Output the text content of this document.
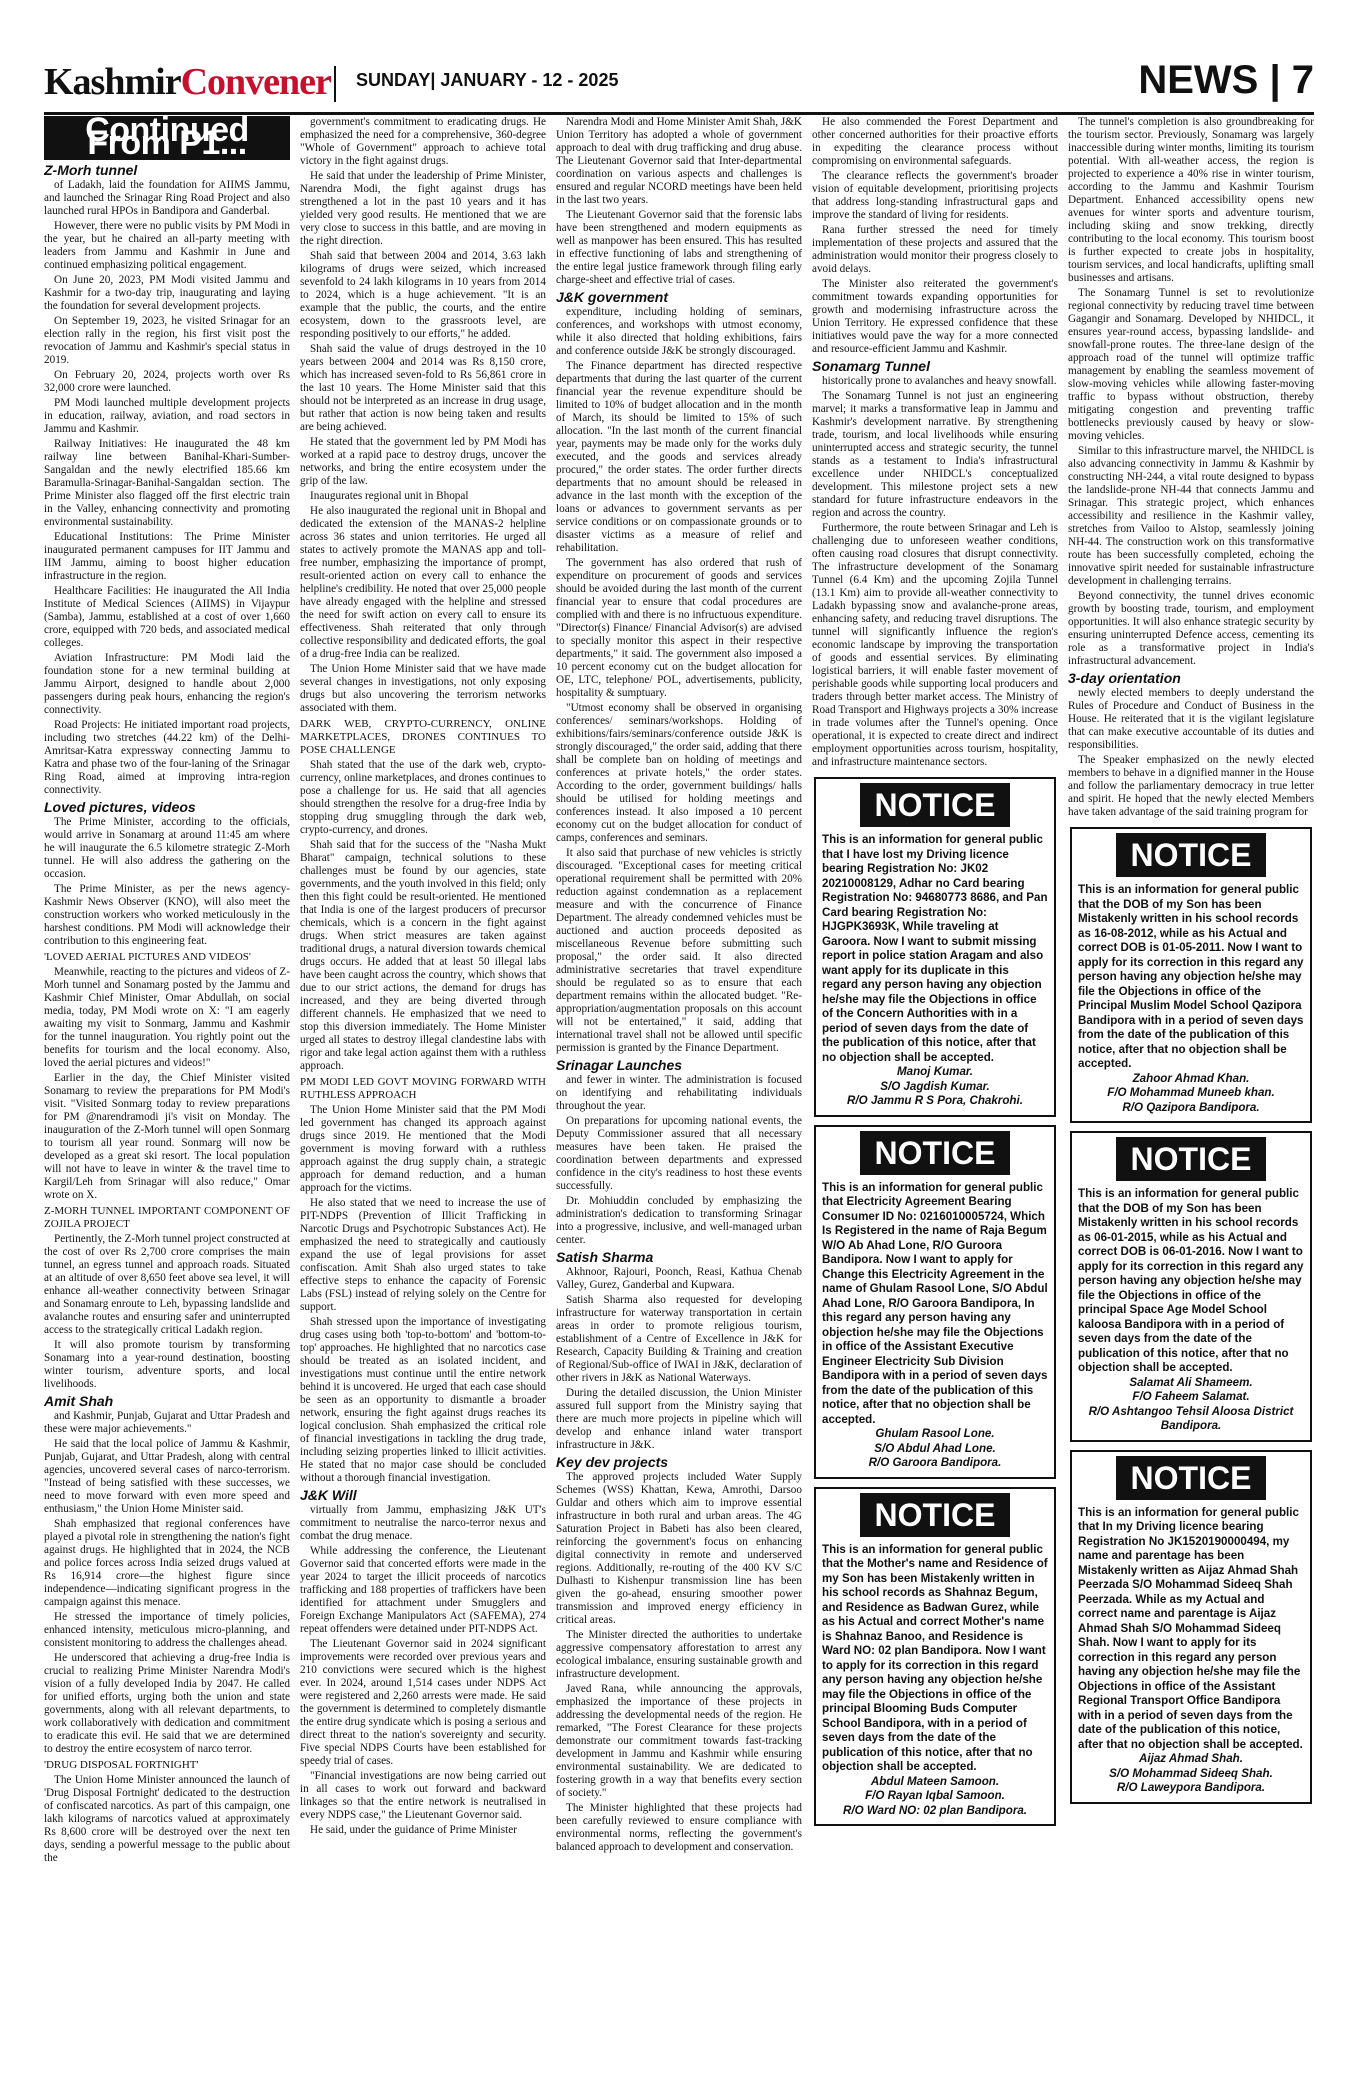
KashmirConvener SUNDAY| JANUARY - 12 - 2025	NEWS | 7
Continued From P1...
Z-Morh tunnel

of Ladakh, laid the foundation for AIIMS Jammu, and launched the Srinagar Ring Road Project and also launched rural HPOs in Bandipora and Ganderbal.

However, there were no public visits by PM Modi in the year, but he chaired an all-party meeting with leaders from Jammu and Kashmir in June and continued emphasizing political engagement.

On June 20, 2023, PM Modi visited Jammu and Kashmir for a two-day trip, inaugurating and laying the foundation for several development projects.

On September 19, 2023, he visited Srinagar for an election rally in the region, his first visit post the revocation of Jammu and Kashmir's special status in 2019.

On February 20, 2024, projects worth over Rs 32,000 crore were launched.

PM Modi launched multiple development projects in education, railway, aviation, and road sectors in Jammu and Kashmir.

Railway Initiatives: He inaugurated the 48 km railway line between Banihal-Khari-Sumber-Sangaldan and the newly electrified 185.66 km Baramulla-Srinagar-Banihal-Sangaldan section. The Prime Minister also flagged off the first electric train in the Valley, enhancing connectivity and promoting environmental sustainability.

Educational Institutions: The Prime Minister inaugurated permanent campuses for IIT Jammu and IIM Jammu, aiming to boost higher education infrastructure in the region.

Healthcare Facilities: He inaugurated the All India Institute of Medical Sciences (AIIMS) in Vijaypur (Samba), Jammu, established at a cost of over 1,660 crore, equipped with 720 beds, and associated medical colleges.

Aviation Infrastructure: PM Modi laid the foundation stone for a new terminal building at Jammu Airport, designed to handle about 2,000 passengers during peak hours, enhancing the region's connectivity.

Road Projects: He initiated important road projects, including two stretches (44.22 km) of the Delhi-Amritsar-Katra expressway connecting Jammu to Katra and phase two of the four-laning of the Srinagar Ring Road, aimed at improving intra-region connectivity.

Loved pictures, videos

The Prime Minister, according to the officials, would arrive in Sonamarg at around 11:45 am where he will inaugurate the 6.5 kilometre strategic Z-Morh tunnel. He will also address the gathering on the occasion.

The Prime Minister, as per the news agency-Kashmir News Observer (KNO), will also meet the construction workers who worked meticulously in the harshest conditions. PM Modi will acknowledge their contribution to this engineering feat.

'LOVED AERIAL PICTURES AND VIDEOS'

Meanwhile, reacting to the pictures and videos of Z-Morh tunnel and Sonamarg posted by the Jammu and Kashmir Chief Minister, Omar Abdullah, on social media, today, PM Modi wrote on X: "I am eagerly awaiting my visit to Sonmarg, Jammu and Kashmir for the tunnel inauguration. You rightly point out the benefits for tourism and the local economy. Also, loved the aerial pictures and videos!"

Earlier in the day, the Chief Minister visited Sonamarg to review the preparations for PM Modi's visit. "Visited Sonmarg today to review preparations for PM @narendramodi ji's visit on Monday. The inauguration of the Z-Morh tunnel will open Sonmarg to tourism all year round. Sonmarg will now be developed as a great ski resort. The local population will not have to leave in winter & the travel time to Kargil/Leh from Srinagar will also reduce," Omar wrote on X.

Z-MORH TUNNEL IMPORTANT COMPONENT OF ZOJILA PROJECT

Pertinently, the Z-Morh tunnel project constructed at the cost of over Rs 2,700 crore comprises the main tunnel, an egress tunnel and approach roads. Situated at an altitude of over 8,650 feet above sea level, it will enhance all-weather connectivity between Srinagar and Sonamarg enroute to Leh, bypassing landslide and avalanche routes and ensuring safer and uninterrupted access to the strategically critical Ladakh region.

It will also promote tourism by transforming Sonamarg into a year-round destination, boosting winter tourism, adventure sports, and local livelihoods.

Amit Shah

and Kashmir, Punjab, Gujarat and Uttar Pradesh and these were major achievements."

He said that the local police of Jammu & Kashmir, Punjab, Gujarat, and Uttar Pradesh, along with central agencies, uncovered several cases of narco-terrorism. "Instead of being satisfied with these successes, we need to move forward with even more speed and enthusiasm," the Union Home Minister said.

Shah emphasized that regional conferences have played a pivotal role in strengthening the nation's fight against drugs. He highlighted that in 2024, the NCB and police forces across India seized drugs valued at Rs 16,914 crore—the highest figure since independence—indicating significant progress in the campaign against this menace.

He stressed the importance of timely policies, enhanced intensity, meticulous micro-planning, and consistent monitoring to address the challenges ahead.

He underscored that achieving a drug-free India is crucial to realizing Prime Minister Narendra Modi's vision of a fully developed India by 2047. He called for unified efforts, urging both the union and state governments, along with all relevant departments, to work collaboratively with dedication and commitment to eradicate this evil. He said that we are determined to destroy the entire ecosystem of narco terror.

'DRUG DISPOSAL FORTNIGHT'

The Union Home Minister announced the launch of 'Drug Disposal Fortnight' dedicated to the destruction of confiscated narcotics. As part of this campaign, one lakh kilograms of narcotics valued at approximately Rs 8,600 crore will be destroyed over the next ten days, sending a powerful message to the public about the

government's commitment to eradicating drugs. He emphasized the need for a comprehensive, 360-degree "Whole of Government" approach to achieve total victory in the fight against drugs.

He said that under the leadership of Prime Minister, Narendra Modi, the fight against drugs has strengthened a lot in the past 10 years and it has yielded very good results. He mentioned that we are very close to success in this battle, and are moving in the right direction.

Shah said that between 2004 and 2014, 3.63 lakh kilograms of drugs were seized, which increased sevenfold to 24 lakh kilograms in 10 years from 2014 to 2024, which is a huge achievement. "It is an example that the public, the courts, and the entire ecosystem, down to the grassroots level, are responding positively to our efforts," he added.

Shah said the value of drugs destroyed in the 10 years between 2004 and 2014 was Rs 8,150 crore, which has increased seven-fold to Rs 56,861 crore in the last 10 years. The Home Minister said that this should not be interpreted as an increase in drug usage, but rather that action is now being taken and results are being achieved.

He stated that the government led by PM Modi has worked at a rapid pace to destroy drugs, uncover the networks, and bring the entire ecosystem under the grip of the law.

Inaugurates regional unit in Bhopal

He also inaugurated the regional unit in Bhopal and dedicated the extension of the MANAS-2 helpline across 36 states and union territories. He urged all states to actively promote the MANAS app and toll-free number, emphasizing the importance of prompt, result-oriented action on every call to enhance the helpline's credibility. He noted that over 25,000 people have already engaged with the helpline and stressed the need for swift action on every call to ensure its effectiveness. Shah reiterated that only through collective responsibility and dedicated efforts, the goal of a drug-free India can be realized.

The Union Home Minister said that we have made several changes in investigations, not only exposing drugs but also uncovering the terrorism networks associated with them.

DARK WEB, CRYPTO-CURRENCY, ONLINE MARKETPLACES, DRONES CONTINUES TO POSE CHALLENGE

Shah stated that the use of the dark web, crypto-currency, online marketplaces, and drones continues to pose a challenge for us. He said that all agencies should strengthen the resolve for a drug-free India by stopping drug smuggling through the dark web, crypto-currency, and drones.

Shah said that for the success of the "Nasha Mukt Bharat" campaign, technical solutions to these challenges must be found by our agencies, state governments, and the youth involved in this field; only then this fight could be result-oriented. He mentioned that India is one of the largest producers of precursor chemicals, which is a concern in the fight against drugs. When strict measures are taken against traditional drugs, a natural diversion towards chemical drugs occurs. He added that at least 50 illegal labs have been caught across the country, which shows that due to our strict actions, the demand for drugs has increased, and they are being diverted through different channels. He emphasized that we need to stop this diversion immediately. The Home Minister urged all states to destroy illegal clandestine labs with rigor and take legal action against them with a ruthless approach.

PM MODI LED GOVT MOVING FORWARD WITH RUTHLESS APPROACH

The Union Home Minister said that the PM Modi led government has changed its approach against drugs since 2019. He mentioned that the Modi government is moving forward with a ruthless approach against the drug supply chain, a strategic approach for demand reduction, and a human approach for the victims.

He also stated that we need to increase the use of PIT-NDPS (Prevention of Illicit Trafficking in Narcotic Drugs and Psychotropic Substances Act). He emphasized the need to strategically and cautiously expand the use of legal provisions for asset confiscation. Amit Shah also urged states to take effective steps to enhance the capacity of Forensic Labs (FSL) instead of relying solely on the Centre for support.

Shah stressed upon the importance of investigating drug cases using both 'top-to-bottom' and 'bottom-to-top' approaches. He highlighted that no narcotics case should be treated as an isolated incident, and investigations must continue until the entire network behind it is uncovered. He urged that each case should be seen as an opportunity to dismantle a broader network, ensuring the fight against drugs reaches its logical conclusion. Shah emphasized the critical role of financial investigations in tackling the drug trade, including seizing properties linked to illicit activities. He stated that no major case should be concluded without a thorough financial investigation.

J&K Will

virtually from Jammu, emphasizing J&K UT's commitment to neutralise the narco-terror nexus and combat the drug menace.

While addressing the conference, the Lieutenant Governor said that concerted efforts were made in the year 2024 to target the illicit proceeds of narcotics trafficking and 188 properties of traffickers have been identified for attachment under Smugglers and Foreign Exchange Manipulators Act (SAFEMA), 274 repeat offenders were detained under PIT-NDPS Act.

The Lieutenant Governor said in 2024 significant improvements were recorded over previous years and 210 convictions were secured which is the highest ever. In 2024, around 1,514 cases under NDPS Act were registered and 2,260 arrests were made. He said the government is determined to completely dismantle the entire drug syndicate which is posing a serious and direct threat to the nation's sovereignty and security. Five special NDPS Courts have been established for speedy trial of cases.

"Financial investigations are now being carried out in all cases to work out forward and backward linkages so that the entire network is neutralised in every NDPS case," the Lieutenant Governor said.

He said, under the guidance of Prime Minister

Narendra Modi and Home Minister Amit Shah, J&K Union Territory has adopted a whole of government approach to deal with drug trafficking and drug abuse. The Lieutenant Governor said that Inter-departmental coordination on various aspects and challenges is ensured and regular NCORD meetings have been held in the last two years.

The Lieutenant Governor said that the forensic labs have been strengthened and modern equipments as well as manpower has been ensured. This has resulted in effective functioning of labs and strengthening of the entire legal justice framework through filing early charge-sheet and effective trial of cases.

J&K government

expenditure, including holding of seminars, conferences, and workshops with utmost economy, while it also directed that holding exhibitions, fairs and conference outside J&K be strongly discouraged.

The Finance department has directed respective departments that during the last quarter of the current financial year the revenue expenditure should be limited to 10% of budget allocation and in the month of March, its should be limited to 15% of such allocation. "In the last month of the current financial year, payments may be made only for the works duly executed, and the goods and services already procured," the order states. The order further directs departments that no amount should be released in advance in the last month with the exception of the loans or advances to government servants as per service conditions or on compassionate grounds or to disaster victims as a measure of relief and rehabilitation.

The government has also ordered that rush of expenditure on procurement of goods and services should be avoided during the last month of the current financial year to ensure that codal procedures are complied with and there is no infructuous expenditure. "Director(s) Finance/ Financial Advisor(s) are advised to specially monitor this aspect in their respective departments," it said. The government also imposed a 10 percent economy cut on the budget allocation for OE, LTC, telephone/ POL, advertisements, publicity, hospitality & sumptuary.

"Utmost economy shall be observed in organising conferences/ seminars/workshops. Holding of exhibitions/fairs/seminars/conference outside J&K is strongly discouraged," the order said, adding that there shall be complete ban on holding of meetings and conferences at private hotels," the order states. According to the order, government buildings/ halls should be utilised for holding meetings and conferences instead. It also imposed a 10 percent economy cut on the budget allocation for conduct of camps, conferences and seminars.

It also said that purchase of new vehicles is strictly discouraged. "Exceptional cases for meeting critical operational requirement shall be permitted with 20% reduction against condemnation as a replacement measure and with the concurrence of Finance Department. The already condemned vehicles must be auctioned and auction proceeds deposited as miscellaneous Revenue before submitting such proposal," the order said. It also directed administrative secretaries that travel expenditure should be regulated so as to ensure that each department remains within the allocated budget. "Re-appropriation/augmentation proposals on this account will not be entertained," it said, adding that international travel shall not be allowed until specific permission is granted by the Finance Department.

Srinagar Launches

and fewer in winter. The administration is focused on identifying and rehabilitating individuals throughout the year.

On preparations for upcoming national events, the Deputy Commissioner assured that all necessary measures have been taken. He praised the coordination between departments and expressed confidence in the city's readiness to host these events successfully.

Dr. Mohiuddin concluded by emphasizing the administration's dedication to transforming Srinagar into a progressive, inclusive, and well-managed urban center.

Satish Sharma

Akhnoor, Rajouri, Poonch, Reasi, Kathua Chenab Valley, Gurez, Ganderbal and Kupwara.

Satish Sharma also requested for developing infrastructure for waterway transportation in certain areas in order to promote religious tourism, establishment of a Centre of Excellence in J&K for Research, Capacity Building & Training and creation of Regional/Sub-office of IWAI in J&K, declaration of other rivers in J&K as National Waterways.

During the detailed discussion, the Union Minister assured full support from the Ministry saying that there are much more projects in pipeline which will develop and enhance inland water transport infrastructure in J&K.

Key dev projects

The approved projects included Water Supply Schemes (WSS) Khattan, Kewa, Amrothi, Darsoo Guldar and others which aim to improve essential infrastructure in both rural and urban areas. The 4G Saturation Project in Babeti has also been cleared, reinforcing the government's focus on enhancing digital connectivity in remote and underserved regions. Additionally, re-routing of the 400 KV S/C Dulhasti to Kishenpur transmission line has been given the go-ahead, ensuring smoother power transmission and improved energy efficiency in critical areas.

The Minister directed the authorities to undertake aggressive compensatory afforestation to arrest any ecological imbalance, ensuring sustainable growth and infrastructure development.

Javed Rana, while announcing the approvals, emphasized the importance of these projects in addressing the developmental needs of the region. He remarked, "The Forest Clearance for these projects demonstrate our commitment towards fast-tracking development in Jammu and Kashmir while ensuring environmental sustainability. We are dedicated to fostering growth in a way that benefits every section of society."

The Minister highlighted that these projects had been carefully reviewed to ensure compliance with environmental norms, reflecting the government's balanced approach to development and conservation.

He also commended the Forest Department and other concerned authorities for their proactive efforts in expediting the clearance process without compromising on environmental safeguards.

The clearance reflects the government's broader vision of equitable development, prioritising projects that address long-standing infrastructural gaps and improve the standard of living for residents.

Rana further stressed the need for timely implementation of these projects and assured that the administration would monitor their progress closely to avoid delays.

The Minister also reiterated the government's commitment towards expanding opportunities for growth and modernising infrastructure across the Union Territory. He expressed confidence that these initiatives would pave the way for a more connected and resource-efficient Jammu and Kashmir.

Sonamarg Tunnel

historically prone to avalanches and heavy snowfall.

The Sonamarg Tunnel is not just an engineering marvel; it marks a transformative leap in Jammu and Kashmir's development narrative. By strengthening trade, tourism, and local livelihoods while ensuring uninterrupted access and strategic security, the tunnel stands as a testament to India's infrastructural excellence under NHIDCL's conceptualized development. This milestone project sets a new standard for future infrastructure endeavors in the region and across the country.

Furthermore, the route between Srinagar and Leh is challenging due to unforeseen weather conditions, often causing road closures that disrupt connectivity. The infrastructure development of the Sonamarg Tunnel (6.4 Km) and the upcoming Zojila Tunnel (13.1 Km) aim to provide all-weather connectivity to Ladakh bypassing snow and avalanche-prone areas, enhancing safety, and reducing travel disruptions. The tunnel will significantly influence the region's economic landscape by improving the transportation of goods and essential services. By eliminating logistical barriers, it will enable faster movement of perishable goods while supporting local producers and traders through better market access. The Ministry of Road Transport and Highways projects a 30% increase in trade volumes after the Tunnel's opening. Once operational, it is expected to create direct and indirect employment opportunities across tourism, hospitality, and infrastructure maintenance sectors.

NOTICE
This is an information for general public that I have lost my Driving licence bearing Registration No: JK02 20210008129, Adhar no Card bearing Registration No: 94680773 8686, and Pan Card bearing Registration No: HJGPK3693K, While traveling at Garoora. Now I want to submit missing report in police station Aragam and also want apply for its duplicate in this regard any person having any objection he/she may file the Objections in office of the Concern Authorities with in a period of seven days from the date of the publication of this notice, after that no objection shall be accepted.
Manoj Kumar.
S/O Jagdish Kumar.
R/O Jammu R S Pora, Chakrohi.
NOTICE
This is an information for general public that Electricity Agreement Bearing Consumer ID No: 0216010005724, Which Is Registered in the name of Raja Begum W/O Ab Ahad Lone, R/O Guroora Bandipora. Now I want to apply for Change this Electricity Agreement in the name of Ghulam Rasool Lone, S/O Abdul Ahad Lone, R/O Garoora Bandipora, In this regard any person having any objection he/she may file the Objections in office of the Assistant Executive Engineer Electricity Sub Division Bandipora with in a period of seven days from the date of the publication of this notice, after that no objection shall be accepted.
Ghulam Rasool Lone.
S/O Abdul Ahad Lone.
R/O Garoora Bandipora.
NOTICE
This is an information for general public that the Mother's name and Residence of my Son has been Mistakenly written in his school records as Shahnaz Begum, and Residence as Badwan Gurez, while as his Actual and correct Mother's name is Shahnaz Banoo, and Residence is Ward NO: 02 plan Bandipora. Now I want to apply for its correction in this regard any person having any objection he/she may file the Objections in office of the principal Blooming Buds Computer School Bandipora, with in a period of seven days from the date of the publication of this notice, after that no objection shall be accepted.
Abdul Mateen Samoon.
F/O Rayan Iqbal Samoon.
R/O Ward NO: 02 plan Bandipora.

The tunnel's completion is also groundbreaking for the tourism sector. Previously, Sonamarg was largely inaccessible during winter months, limiting its tourism potential. With all-weather access, the region is projected to experience a 40% rise in winter tourism, according to the Jammu and Kashmir Tourism Department. Enhanced accessibility opens new avenues for winter sports and adventure tourism, including skiing and snow trekking, directly contributing to the local economy. This tourism boost is further expected to create jobs in hospitality, tourism services, and local handicrafts, uplifting small businesses and artisans.

The Sonamarg Tunnel is set to revolutionize regional connectivity by reducing travel time between Gagangir and Sonamarg. Developed by NHIDCL, it ensures year-round access, bypassing landslide- and snowfall-prone routes. The three-lane design of the approach road of the tunnel will optimize traffic management by enabling the seamless movement of slow-moving vehicles while allowing faster-moving traffic to bypass without obstruction, thereby mitigating congestion and preventing traffic bottlenecks previously caused by heavy or slow-moving vehicles.

Similar to this infrastructure marvel, the NHIDCL is also advancing connectivity in Jammu & Kashmir by constructing NH-244, a vital route designed to bypass the landslide-prone NH-44 that connects Jammu and Srinagar. This strategic project, which enhances accessibility and resilience in the Kashmir valley, stretches from Vailoo to Alstop, seamlessly joining NH-44. The construction work on this transformative route has been successfully completed, echoing the innovative spirit needed for sustainable infrastructure development in challenging terrains.

Beyond connectivity, the tunnel drives economic growth by boosting trade, tourism, and employment opportunities. It will also enhance strategic security by ensuring uninterrupted Defence access, cementing its role as a transformative project in India's infrastructural advancement.

3-day orientation

newly elected members to deeply understand the Rules of Procedure and Conduct of Business in the House. He reiterated that it is the vigilant legislature that can make executive accountable of its duties and responsibilities.

The Speaker emphasized on the newly elected members to behave in a dignified manner in the House and follow the parliamentary democracy in true letter and spirit. He hoped that the newly elected Members have taken advantage of the said training program for

NOTICE
This is an information for general public that the DOB of my Son has been Mistakenly written in his school records as 16-08-2012, while as his Actual and correct DOB is 01-05-2011. Now I want to apply for its correction in this regard any person having any objection he/she may file the Objections in office of the Principal Muslim Model School Qazipora Bandipora with in a period of seven days from the date of the publication of this notice, after that no objection shall be accepted.
Zahoor Ahmad Khan.
F/O Mohammad Muneeb khan.
R/O Qazipora Bandipora.
NOTICE
This is an information for general public that the DOB of my Son has been Mistakenly written in his school records as 06-01-2015, while as his Actual and correct DOB is 06-01-2016. Now I want to apply for its correction in this regard any person having any objection he/she may file the Objections in office of the principal Space Age Model School kaloosa Bandipora with in a period of seven days from the date of the publication of this notice, after that no objection shall be accepted.
Salamat Ali Shameem.
F/O Faheem Salamat.
R/O Ashtangoo Tehsil Aloosa District Bandipora.
NOTICE
This is an information for general public that In my Driving licence bearing Registration No JK1520190000494, my name and parentage has been Mistakenly written as Aijaz Ahmad Shah Peerzada S/O Mohammad Sideeq Shah Peerzada. While as my Actual and correct name and parentage is Aijaz Ahmad Shah S/O Mohammad Sideeq Shah. Now I want to apply for its correction in this regard any person having any objection he/she may file the Objections in office of the Assistant Regional Transport Office Bandipora with in a period of seven days from the date of the publication of this notice, after that no objection shall be accepted.
Aijaz Ahmad Shah.
S/O Mohammad Sideeq Shah.
R/O Laweypora Bandipora.
